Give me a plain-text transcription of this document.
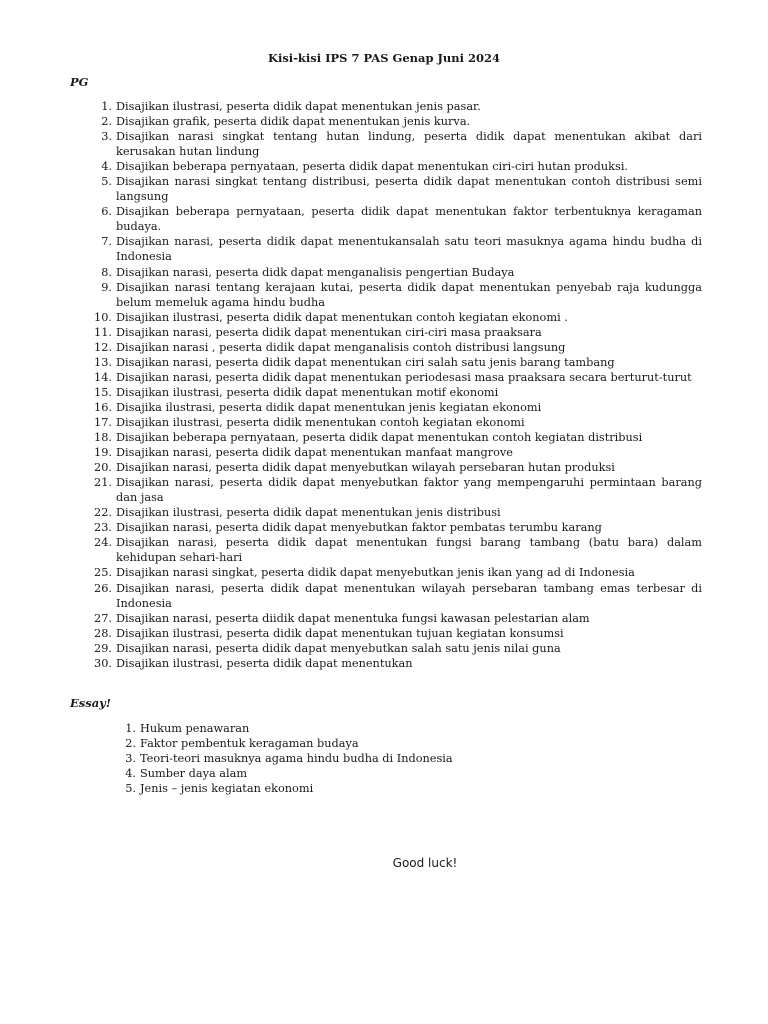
Kisi-kisi IPS 7 PAS Genap Juni 2024
PG
1. Disajikan ilustrasi, peserta didik dapat menentukan jenis pasar.
2. Disajikan grafik, peserta didik dapat menentukan jenis kurva.
3. Disajikan narasi singkat tentang hutan lindung, peserta didik dapat menentukan akibat dari kerusakan hutan lindung
4. Disajikan beberapa pernyataan, peserta didik dapat menentukan ciri-ciri hutan produksi.
5. Disajikan narasi singkat tentang distribusi, peserta didik dapat menentukan contoh distribusi semi langsung
6. Disajikan beberapa pernyataan, peserta didik dapat menentukan faktor terbentuknya keragaman budaya.
7. Disajikan narasi, peserta didik dapat menentukansalah satu teori masuknya agama hindu budha di Indonesia
8. Disajikan narasi, peserta didk dapat menganalisis pengertian Budaya
9. Disajikan narasi tentang kerajaan kutai, peserta didik dapat menentukan penyebab raja kudungga belum memeluk agama hindu budha
10. Disajikan ilustrasi, peserta didik dapat menentukan contoh kegiatan ekonomi .
11. Disajikan narasi, peserta didik dapat menentukan ciri-ciri masa praaksara
12. Disajikan narasi , peserta didik dapat menganalisis contoh distribusi langsung
13. Disajikan narasi, peserta didik dapat menentukan ciri salah satu jenis barang tambang
14. Disajikan narasi, peserta didik dapat menentukan periodesasi masa praaksara secara berturut-turut
15. Disajikan ilustrasi, peserta didik dapat menentukan motif ekonomi
16. Disajika ilustrasi, peserta didik dapat menentukan jenis kegiatan ekonomi
17. Disajikan ilustrasi, peserta didik menentukan contoh kegiatan ekonomi
18. Disajikan beberapa pernyataan, peserta didik dapat menentukan contoh kegiatan distribusi
19. Disajikan narasi, peserta didik dapat menentukan manfaat mangrove
20. Disajikan narasi, peserta didik dapat menyebutkan wilayah persebaran hutan produksi
21. Disajikan narasi, peserta didik dapat menyebutkan faktor yang mempengaruhi permintaan barang dan jasa
22. Disajikan ilustrasi, peserta didik dapat menentukan jenis distribusi
23. Disajikan narasi, peserta didik dapat menyebutkan faktor pembatas terumbu karang
24. Disajikan narasi, peserta didik dapat menentukan fungsi barang tambang (batu bara) dalam kehidupan sehari-hari
25. Disajikan narasi singkat, peserta didik dapat menyebutkan jenis ikan yang ad di Indonesia
26. Disajikan narasi, peserta didik dapat menentukan wilayah persebaran tambang emas terbesar di Indonesia
27. Disajikan narasi, peserta diidik dapat menentuka fungsi kawasan pelestarian alam
28. Disajikan ilustrasi, peserta didik dapat menentukan tujuan kegiatan konsumsi
29. Disajikan narasi, peserta didik dapat menyebutkan salah satu jenis nilai guna
30. Disajikan ilustrasi, peserta didik dapat menentukan
Essay!
1. Hukum penawaran
2. Faktor pembentuk keragaman budaya
3. Teori-teori masuknya agama hindu budha di Indonesia
4. Sumber daya alam
5. Jenis – jenis kegiatan ekonomi
Good luck!
